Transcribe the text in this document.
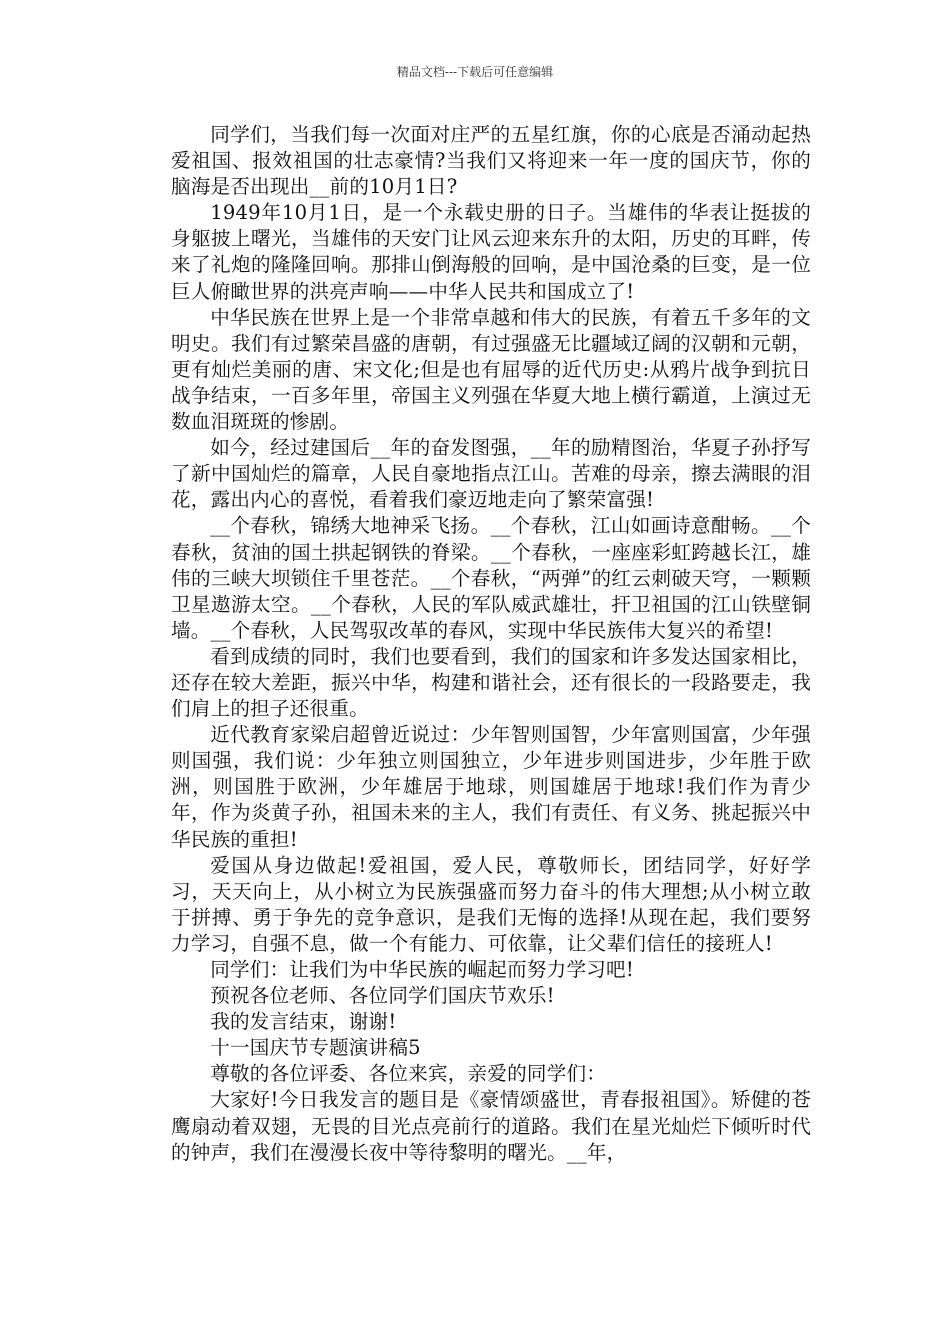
精品文档---下载后可任意编辑

同学们，当我们每一次面对庄严的五星红旗，你的心底是否涌动起热爱祖国、报效祖国的壮志豪情?当我们又将迎来一年一度的国庆节，你的脑海是否出现出__前的10月1日?

1949年10月1日，是一个永载史册的日子。当雄伟的华表让挺拔的身躯披上曙光，当雄伟的天安门让风云迎来东升的太阳，历史的耳畔，传来了礼炮的隆隆回响。那排山倒海般的回响，是中国沧桑的巨变，是一位巨人俯瞰世界的洪亮声响——中华人民共和国成立了!

中华民族在世界上是一个非常卓越和伟大的民族，有着五千多年的文明史。我们有过繁荣昌盛的唐朝，有过强盛无比疆域辽阔的汉朝和元朝，更有灿烂美丽的唐、宋文化;但是也有屈辱的近代历史:从鸦片战争到抗日战争结束，一百多年里，帝国主义列强在华夏大地上横行霸道，上演过无数血泪斑斑的惨剧。

如今，经过建国后__年的奋发图强，__年的励精图治，华夏子孙抒写了新中国灿烂的篇章，人民自豪地指点江山。苦难的母亲，擦去满眼的泪花，露出内心的喜悦，看着我们豪迈地走向了繁荣富强!

__个春秋，锦绣大地神采飞扬。__个春秋，江山如画诗意酣畅。__个春秋，贫油的国土拱起钢铁的脊梁。__个春秋，一座座彩虹跨越长江，雄伟的三峡大坝锁住千里苍茫。__个春秋，“两弹”的红云刺破天穹，一颗颗卫星遨游太空。__个春秋，人民的军队威武雄壮，扞卫祖国的江山铁壁铜墙。__个春秋，人民驾驭改革的春风，实现中华民族伟大复兴的希望!

看到成绩的同时，我们也要看到，我们的国家和许多发达国家相比，还存在较大差距，振兴中华，构建和谐社会，还有很长的一段路要走，我们肩上的担子还很重。

近代教育家梁启超曾近说过：少年智则国智，少年富则国富，少年强则国强，我们说：少年独立则国独立，少年进步则国进步，少年胜于欧洲，则国胜于欧洲，少年雄居于地球，则国雄居于地球!我们作为青少年，作为炎黄子孙，祖国未来的主人，我们有责任、有义务、挑起振兴中华民族的重担!

爱国从身边做起!爱祖国，爱人民，尊敬师长，团结同学，好好学习，天天向上，从小树立为民族强盛而努力奋斗的伟大理想;从小树立敢于拼搏、勇于争先的竞争意识，是我们无悔的选择!从现在起，我们要努力学习，自强不息，做一个有能力、可依靠，让父辈们信任的接班人!

同学们：让我们为中华民族的崛起而努力学习吧!

预祝各位老师、各位同学们国庆节欢乐!

我的发言结束，谢谢!

十一国庆节专题演讲稿5

尊敬的各位评委、各位来宾，亲爱的同学们：

大家好!今日我发言的题目是《豪情颂盛世，青春报祖国》。矫健的苍鹰扇动着双翅，无畏的目光点亮前行的道路。我们在星光灿烂下倾听时代的钟声，我们在漫漫长夜中等待黎明的曙光。__年，
